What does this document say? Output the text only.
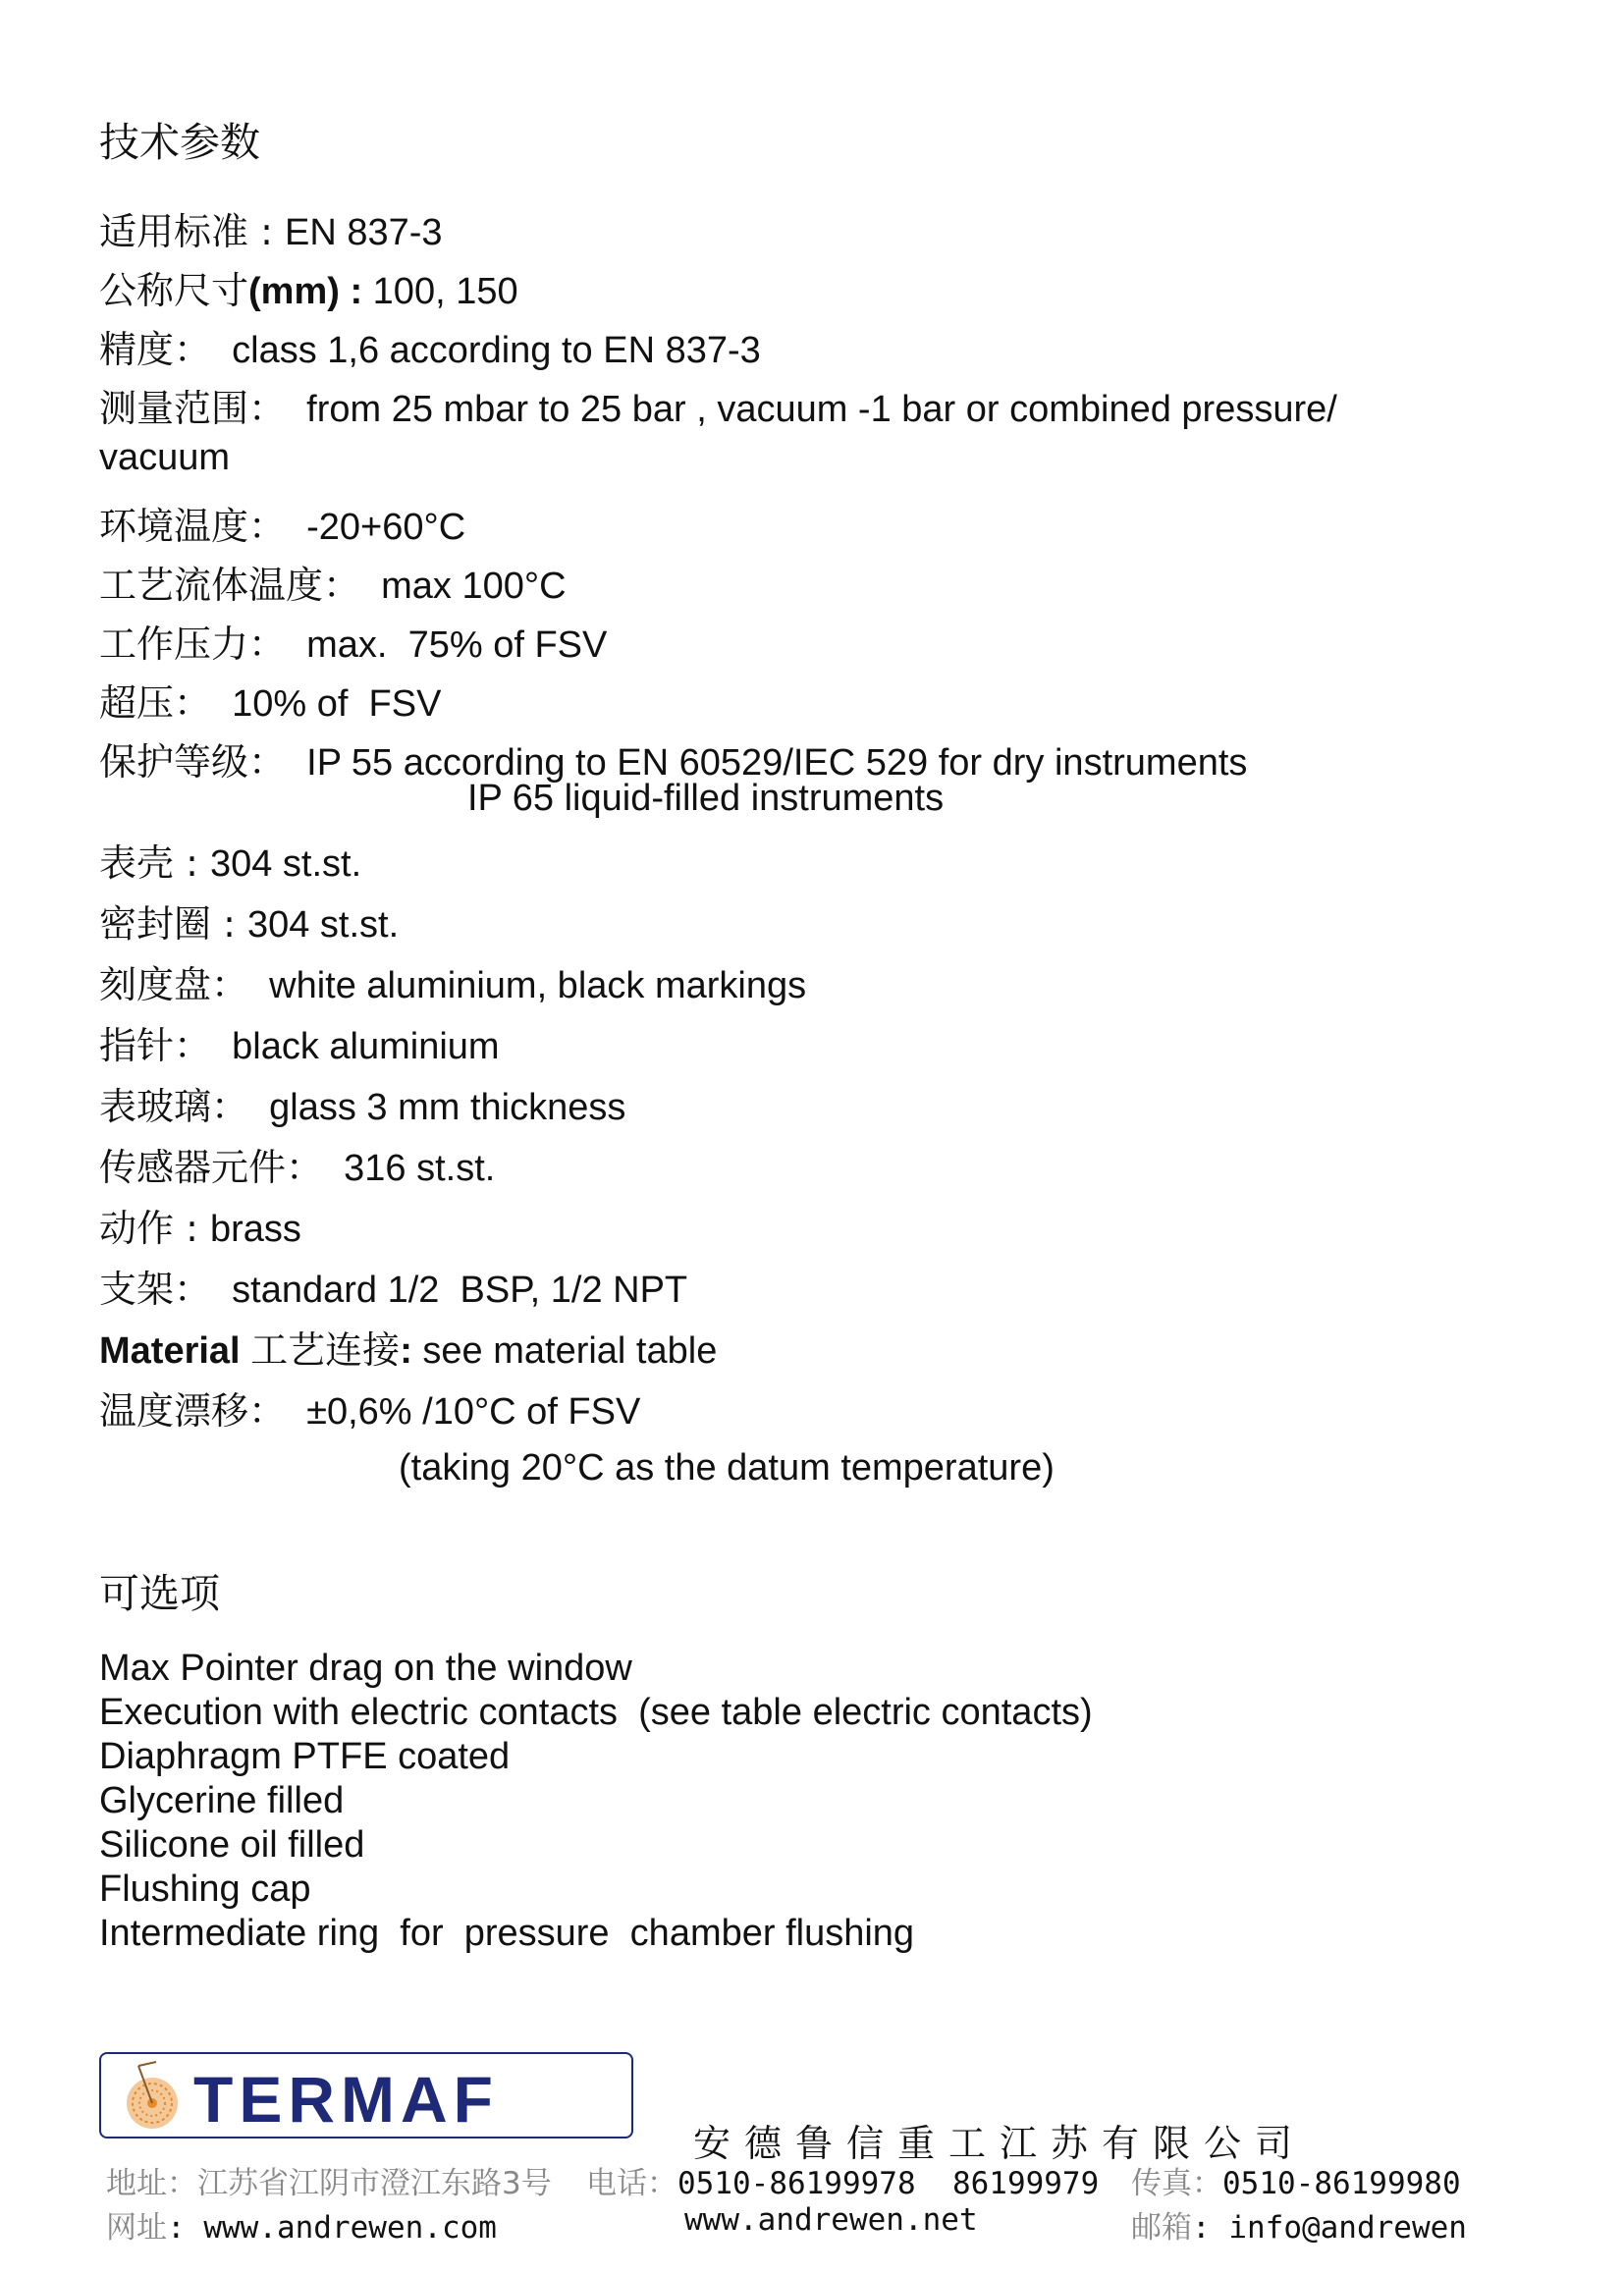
技术参数
适用标准 : EN 837-3
公称尺寸(mm) : 100, 150
精度：  class 1,6 according to EN 837-3
测量范围：  from 25 mbar to 25 bar , vacuum -1 bar or combined pressure/
vacuum
环境温度：  -20+60°C
工艺流体温度：  max 100°C
工作压力：  max.  75% of FSV
超压：  10% of  FSV
保护等级：  IP 55 according to EN 60529/IEC 529 for dry instruments
IP 65 liquid-filled instruments
表壳 : 304 st.st.
密封圈 : 304 st.st.
刻度盘：  white aluminium, black markings
指针：  black aluminium
表玻璃：  glass 3 mm thickness
传感器元件：  316 st.st.
动作 : brass
支架：  standard 1/2  BSP, 1/2 NPT
Material 工艺连接: see material table
温度漂移：  ±0,6% /10°C of FSV
(taking 20°C as the datum temperature)
可选项
Max Pointer drag on the window
Execution with electric contacts  (see table electric contacts)
Diaphragm PTFE coated
Glycerine filled
Silicone oil filled
Flushing cap
Intermediate ring  for  pressure  chamber flushing
TERMAF
安德鲁信重工江苏有限公司
地址：江苏省江阴市澄江东路3号 电话：0510-86199978  86199979 传真：0510-86199980
网址: www.andrewen.com	www.andrewen.net	邮箱: info@andrewen
